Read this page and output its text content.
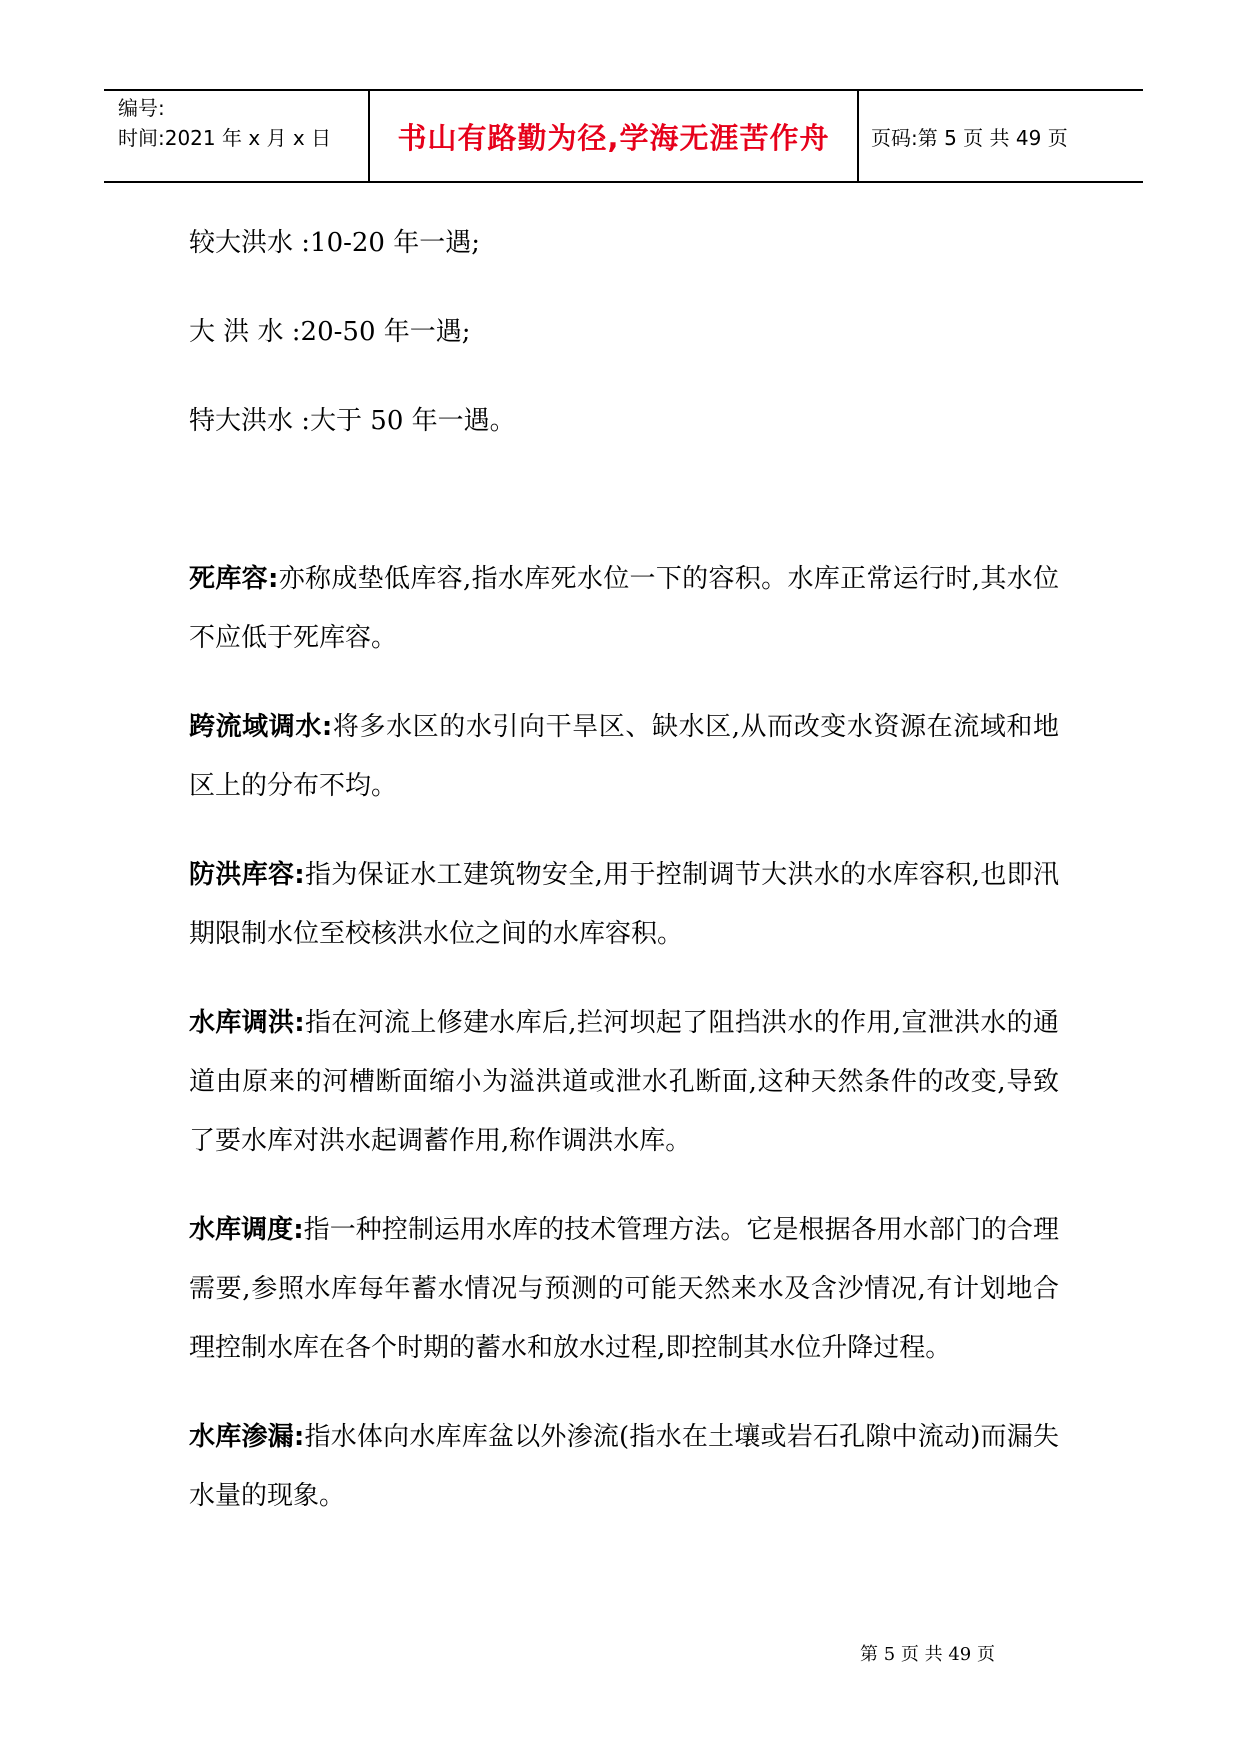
编号:
时间:2021 年 x 月 x 日	书山有路勤为径,学海无涯苦作舟 页码:第 5 页 共 49 页
较大洪水 :10-20 年一遇;
大 洪 水 :20-50 年一遇;
特大洪水 :大于 50 年一遇。

死库容:亦称成垫低库容,指水库死水位一下的容积。水库正常运行时,其水位不应低于死库容。

跨流域调水:将多水区的水引向干旱区、缺水区,从而改变水资源在流域和地区上的分布不均。

防洪库容:指为保证水工建筑物安全,用于控制调节大洪水的水库容积,也即汛期限制水位至校核洪水位之间的水库容积。

水库调洪:指在河流上修建水库后,拦河坝起了阻挡洪水的作用,宣泄洪水的通道由原来的河槽断面缩小为溢洪道或泄水孔断面,这种天然条件的改变,导致了要水库对洪水起调蓄作用,称作调洪水库。

水库调度:指一种控制运用水库的技术管理方法。它是根据各用水部门的合理需要,参照水库每年蓄水情况与预测的可能天然来水及含沙情况,有计划地合理控制水库在各个时期的蓄水和放水过程,即控制其水位升降过程。

水库渗漏:指水体向水库库盆以外渗流(指水在土壤或岩石孔隙中流动)而漏失水量的现象。

第 5 页 共 49 页
